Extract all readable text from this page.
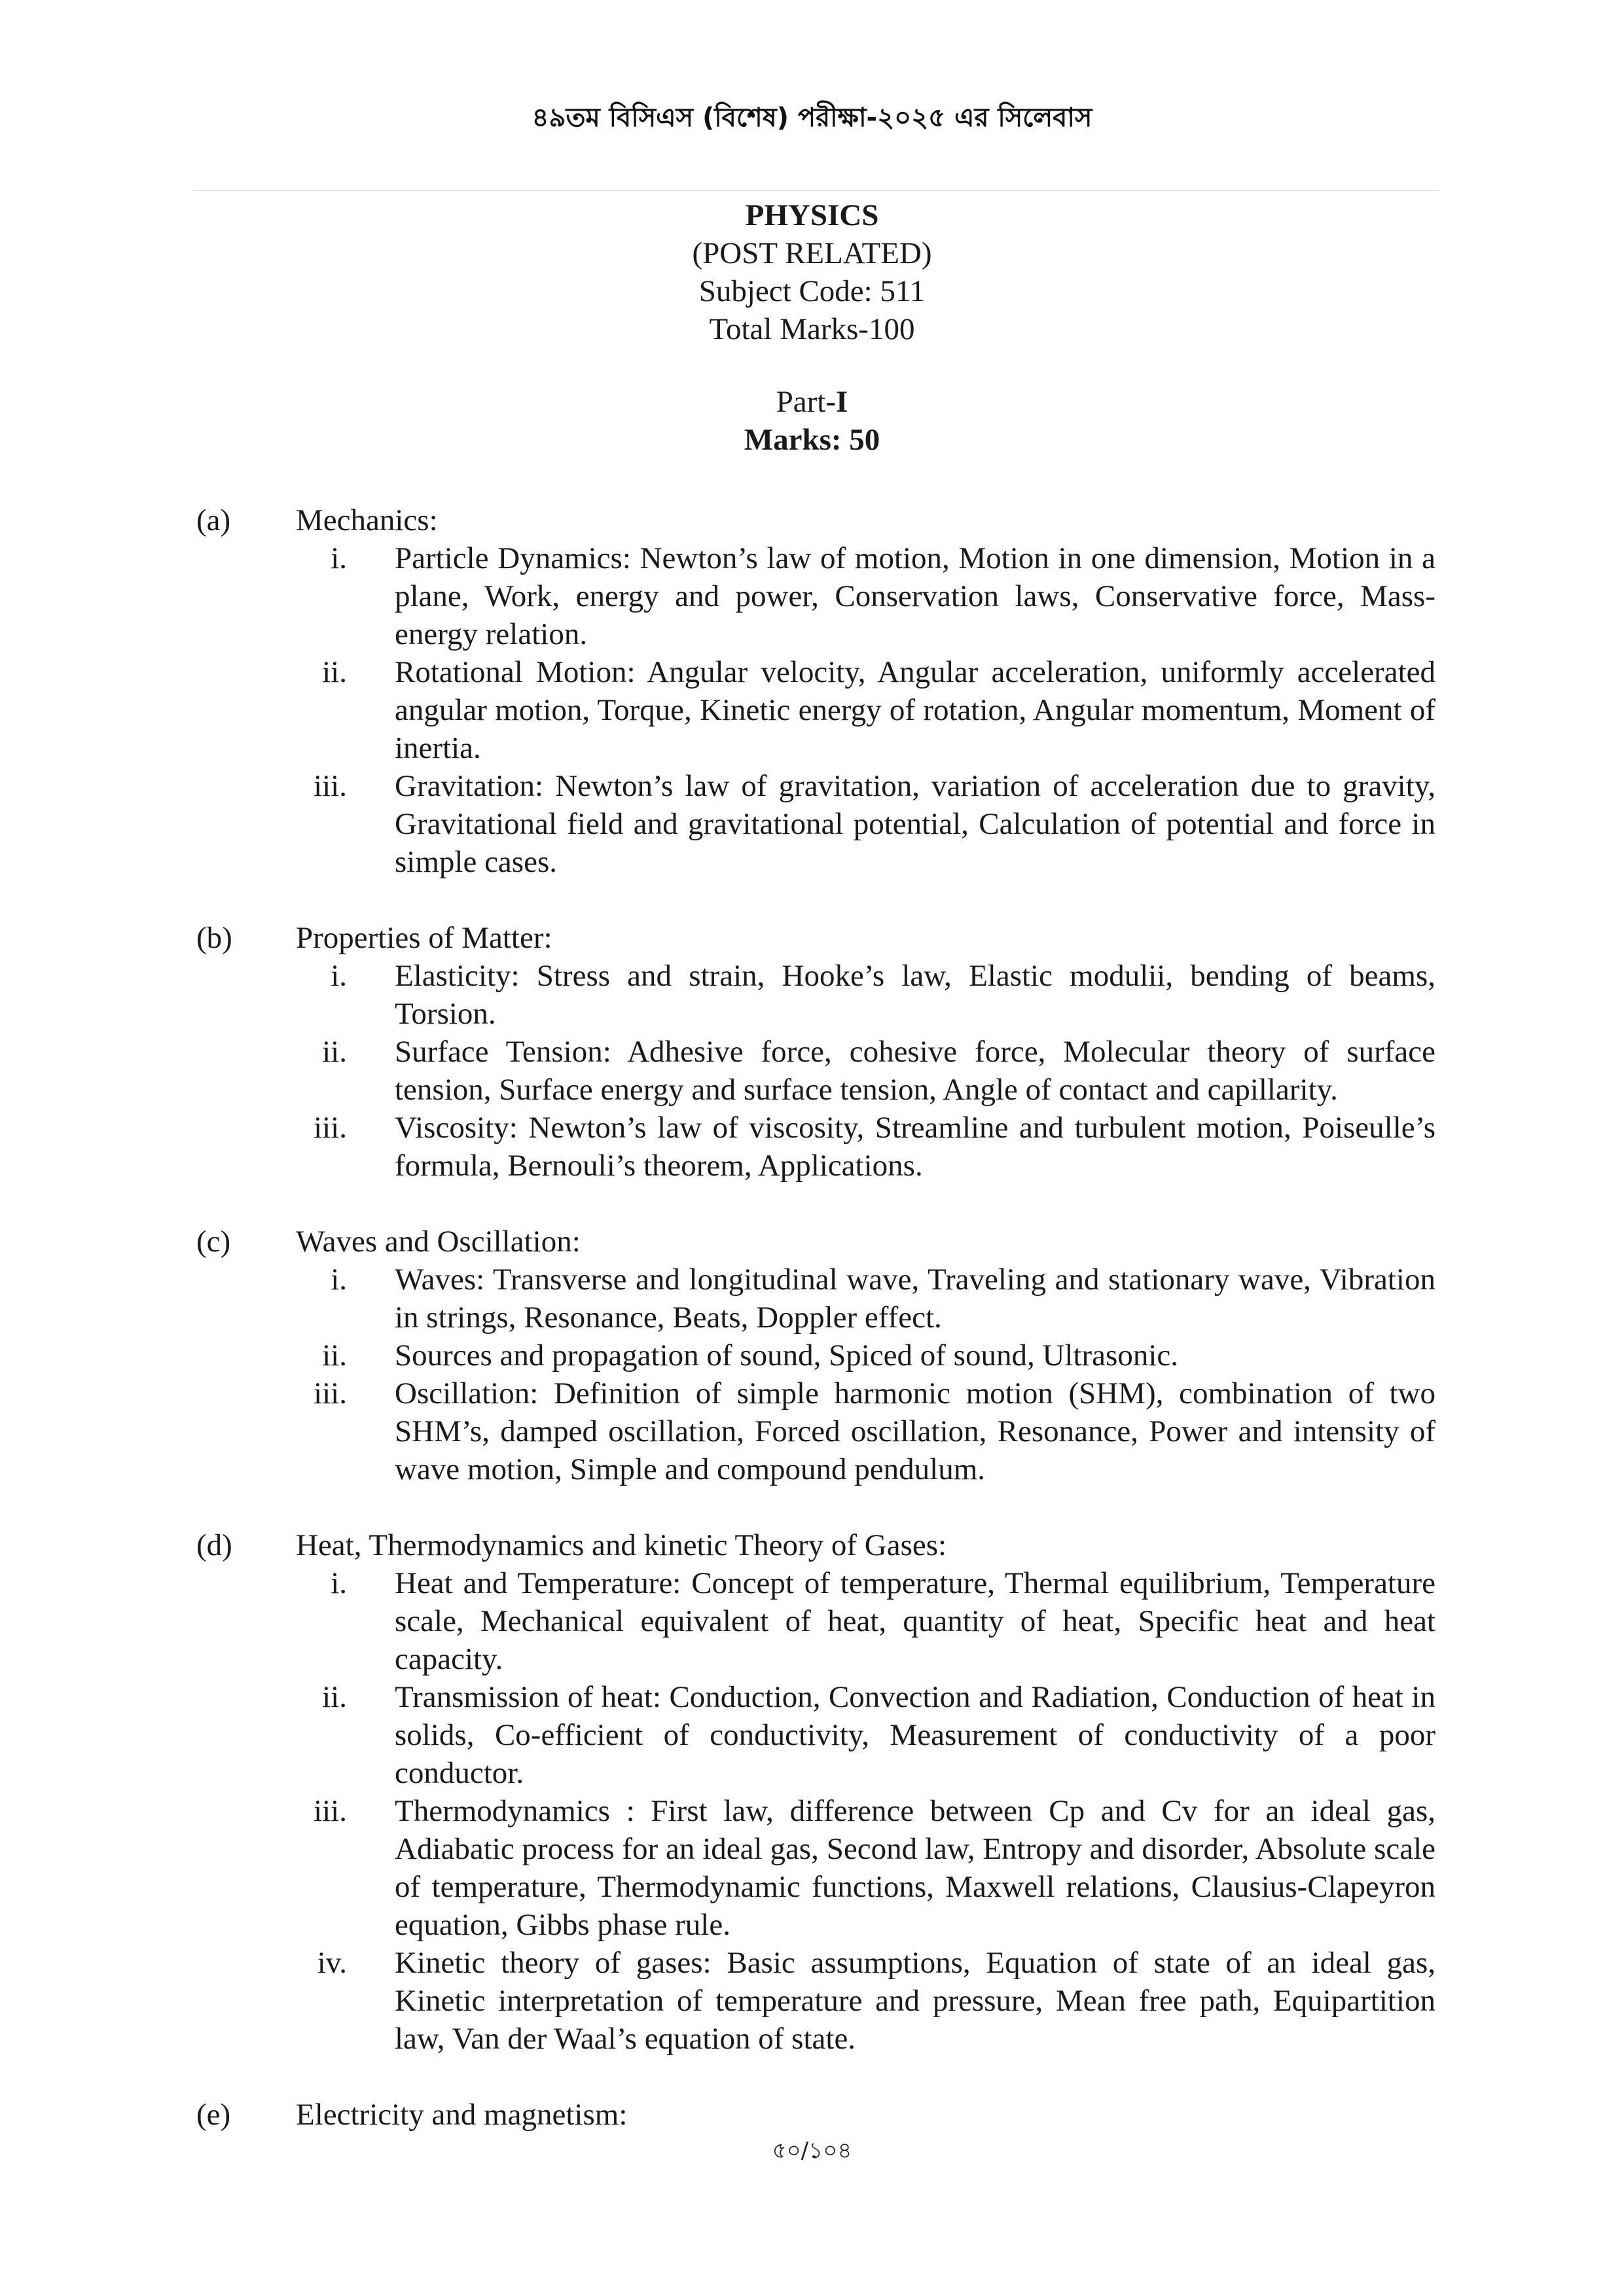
৪৯তম বিসিএস (বিশেষ) পরীক্ষা-২০২৫ এর সিলেবাস
PHYSICS
(POST RELATED)
Subject Code: 511
Total Marks-100
Part-I
Marks: 50
(a) Mechanics:
i. Particle Dynamics: Newton’s law of motion, Motion in one dimension, Motion in a plane, Work, energy and power, Conservation laws, Conservative force, Mass-energy relation.
ii. Rotational Motion: Angular velocity, Angular acceleration, uniformly accelerated angular motion, Torque, Kinetic energy of rotation, Angular momentum, Moment of inertia.
iii. Gravitation: Newton’s law of gravitation, variation of acceleration due to gravity, Gravitational field and gravitational potential, Calculation of potential and force in simple cases.
(b) Properties of Matter:
i. Elasticity: Stress and strain, Hooke’s law, Elastic modulii, bending of beams, Torsion.
ii. Surface Tension: Adhesive force, cohesive force, Molecular theory of surface tension, Surface energy and surface tension, Angle of contact and capillarity.
iii. Viscosity: Newton’s law of viscosity, Streamline and turbulent motion, Poiseulle’s formula, Bernouli’s theorem, Applications.
(c) Waves and Oscillation:
i. Waves: Transverse and longitudinal wave, Traveling and stationary wave, Vibration in strings, Resonance, Beats, Doppler effect.
ii. Sources and propagation of sound, Spiced of sound, Ultrasonic.
iii. Oscillation: Definition of simple harmonic motion (SHM), combination of two SHM’s, damped oscillation, Forced oscillation, Resonance, Power and intensity of wave motion, Simple and compound pendulum.
(d) Heat, Thermodynamics and kinetic Theory of Gases:
i. Heat and Temperature: Concept of temperature, Thermal equilibrium, Temperature scale, Mechanical equivalent of heat, quantity of heat, Specific heat and heat capacity.
ii. Transmission of heat: Conduction, Convection and Radiation, Conduction of heat in solids, Co-efficient of conductivity, Measurement of conductivity of a poor conductor.
iii. Thermodynamics : First law, difference between Cp and Cv for an ideal gas, Adiabatic process for an ideal gas, Second law, Entropy and disorder, Absolute scale of temperature, Thermodynamic functions, Maxwell relations, Clausius-Clapeyron equation, Gibbs phase rule.
iv. Kinetic theory of gases: Basic assumptions, Equation of state of an ideal gas, Kinetic interpretation of temperature and pressure, Mean free path, Equipartition law, Van der Waal’s equation of state.
(e) Electricity and magnetism:
৫০/১০৪
